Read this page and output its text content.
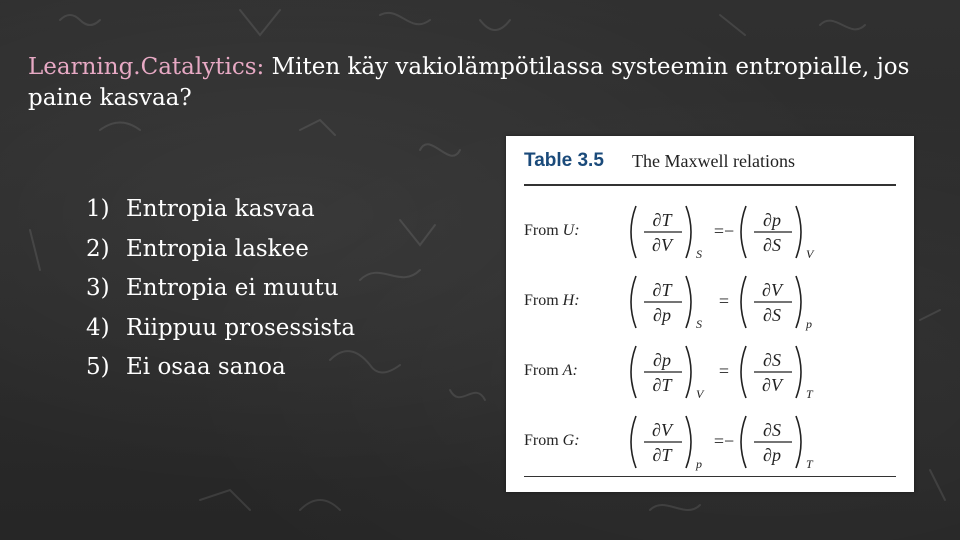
Learning.Catalytics: Miten käy vakiolämpötilassa systeemin entropialle, jos paine kasvaa?
1) Entropia kasvaa
2) Entropia laskee
3) Entropia ei muutu
4) Riippuu prosessista
5) Ei osaa sanoa
Table 3.5 The Maxwell relations
From U:
∂T
∂V S
=−
∂p
∂S V
From H:
∂T
∂p S
=
∂V
∂S p
From A:
∂p
∂T V
=
∂S
∂V T
From G:
∂V
∂T p
=−
∂S
∂p T
